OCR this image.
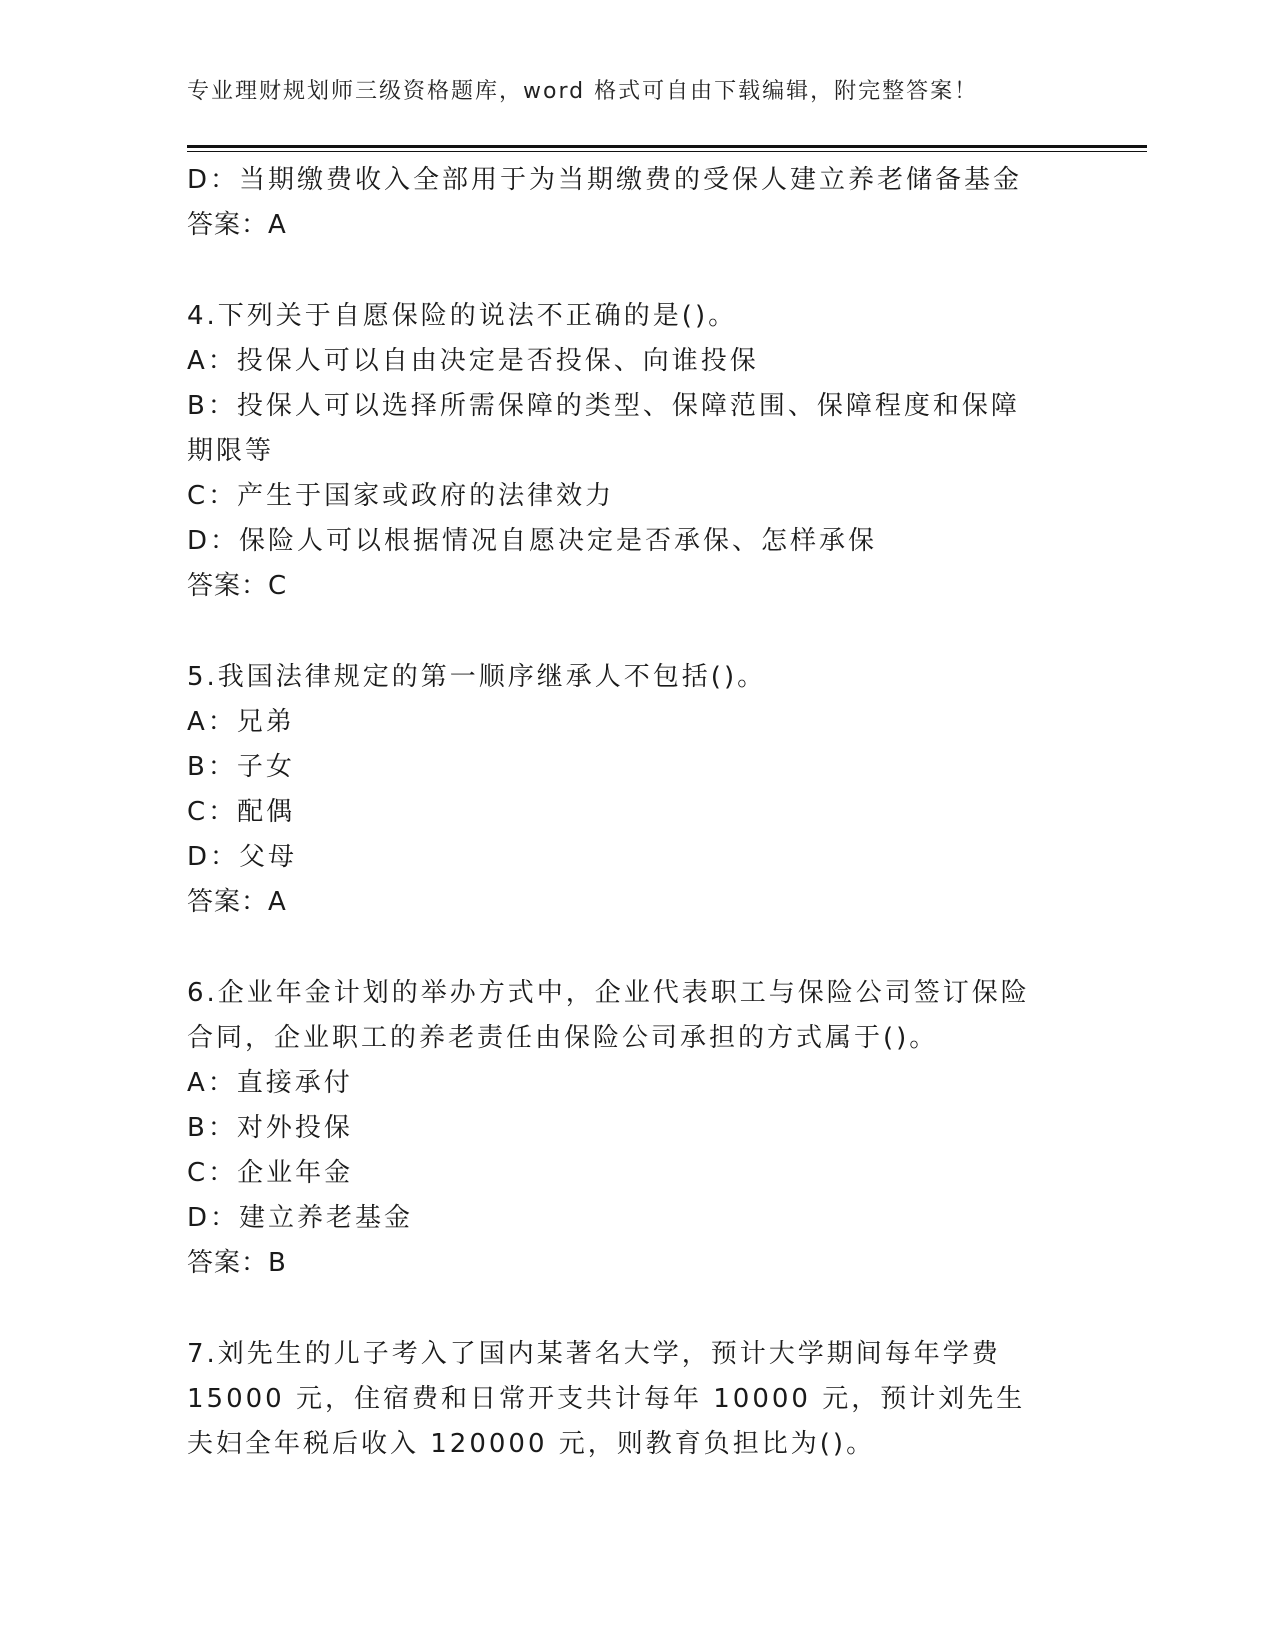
专业理财规划师三级资格题库，word 格式可自由下载编辑，附完整答案！
D：当期缴费收入全部用于为当期缴费的受保人建立养老储备基金
答案：A
4.下列关于自愿保险的说法不正确的是()。
A：投保人可以自由决定是否投保、向谁投保
B：投保人可以选择所需保障的类型、保障范围、保障程度和保障期限等
C：产生于国家或政府的法律效力
D：保险人可以根据情况自愿决定是否承保、怎样承保
答案：C
5.我国法律规定的第一顺序继承人不包括()。
A：兄弟
B：子女
C：配偶
D：父母
答案：A
6.企业年金计划的举办方式中，企业代表职工与保险公司签订保险合同，企业职工的养老责任由保险公司承担的方式属于()。
A：直接承付
B：对外投保
C：企业年金
D：建立养老基金
答案：B
7.刘先生的儿子考入了国内某著名大学，预计大学期间每年学费 15000 元，住宿费和日常开支共计每年 10000 元，预计刘先生夫妇全年税后收入 120000 元，则教育负担比为()。
